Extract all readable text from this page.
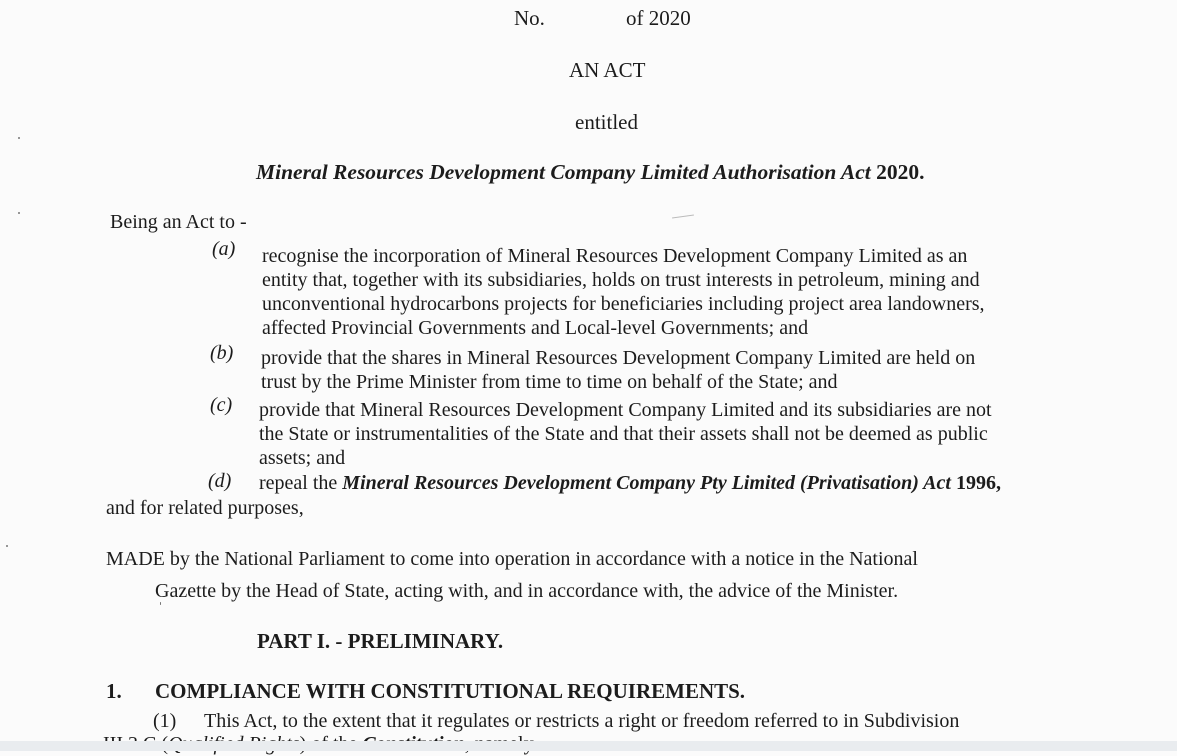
No.	of 2020
AN ACT
entitled
Mineral Resources Development Company Limited Authorisation Act 2020.
Being an Act to -
(a) recognise the incorporation of Mineral Resources Development Company Limited as an
entity that, together with its subsidiaries, holds on trust interests in petroleum, mining and
unconventional hydrocarbons projects for beneficiaries including project area landowners,
affected Provincial Governments and Local-level Governments; and
(b) provide that the shares in Mineral Resources Development Company Limited are held on
trust by the Prime Minister from time to time on behalf of the State; and
(c) provide that Mineral Resources Development Company Limited and its subsidiaries are not
the State or instrumentalities of the State and that their assets shall not be deemed as public
assets; and
(d) repeal the Mineral Resources Development Company Pty Limited (Privatisation) Act 1996,
and for related purposes,
MADE by the National Parliament to come into operation in accordance with a notice in the National
Gazette by the Head of State, acting with, and in accordance with, the advice of the Minister.
PART I. - PRELIMINARY.
1. COMPLIANCE WITH CONSTITUTIONAL REQUIREMENTS.
(1) This Act, to the extent that it regulates or restricts a right or freedom referred to in Subdivision
